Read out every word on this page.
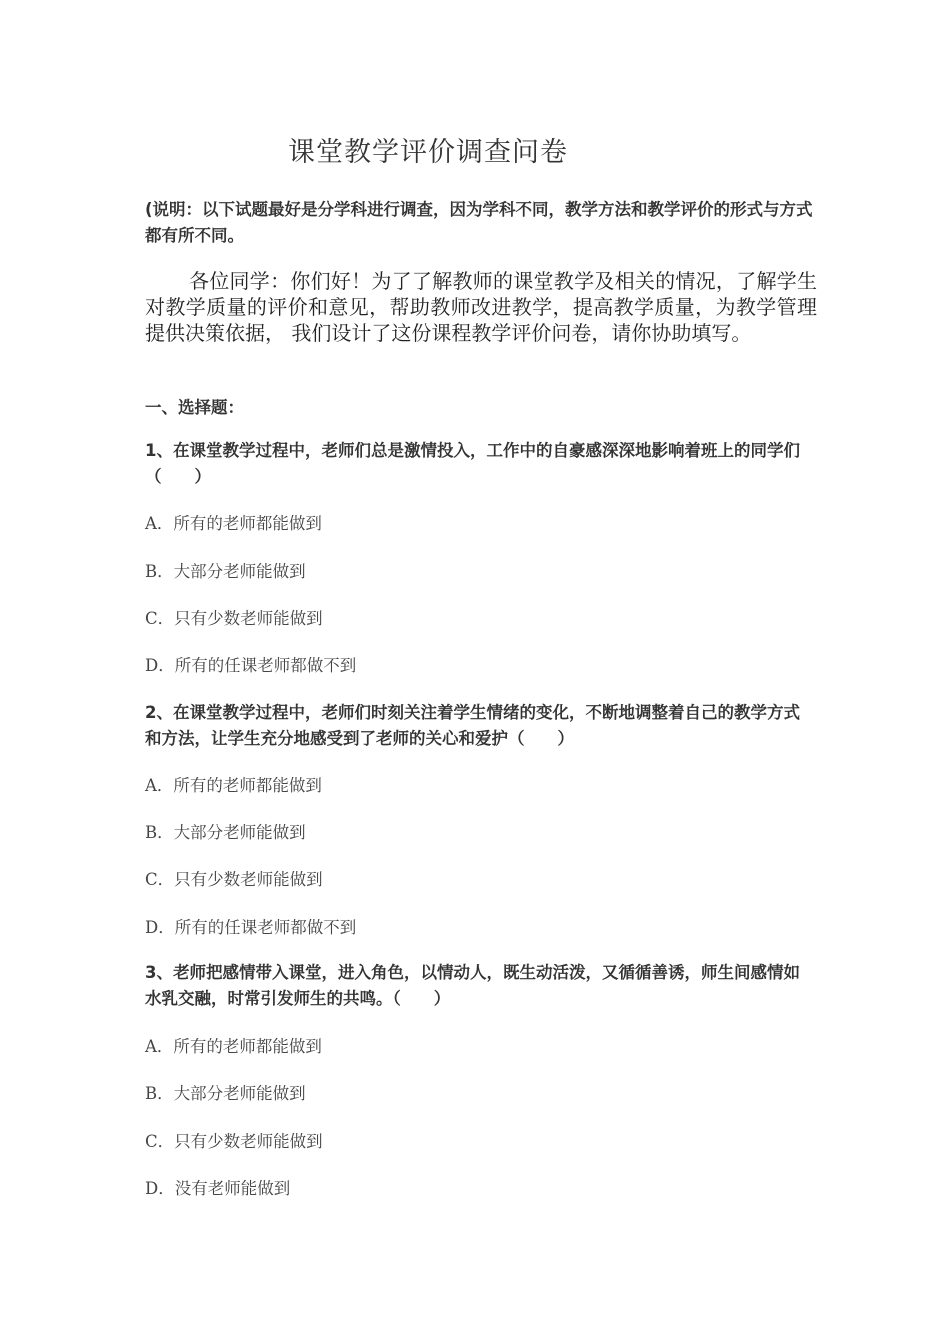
课堂教学评价调查问卷

(说明：以下试题最好是分学科进行调查，因为学科不同，教学方法和教学评价的形式与方式都有所不同。

各位同学：你们好！为了了解教师的课堂教学及相关的情况，了解学生对教学质量的评价和意见，帮助教师改进教学，提高教学质量，为教学管理提供决策依据， 我们设计了这份课程教学评价问卷，请你协助填写。

一、选择题：

1、在课堂教学过程中，老师们总是激情投入，工作中的自豪感深深地影响着班上的同学们（　　）

A．所有的老师都能做到

B．大部分老师能做到

C．只有少数老师能做到

D．所有的任课老师都做不到

2、在课堂教学过程中，老师们时刻关注着学生情绪的变化，不断地调整着自己的教学方式和方法，让学生充分地感受到了老师的关心和爱护（　　）

A．所有的老师都能做到

B．大部分老师能做到

C．只有少数老师能做到

D．所有的任课老师都做不到

3、老师把感情带入课堂，进入角色，以情动人，既生动活泼，又循循善诱，师生间感情如水乳交融，时常引发师生的共鸣。（　　）

A．所有的老师都能做到

B．大部分老师能做到

C．只有少数老师能做到

D．没有老师能做到
